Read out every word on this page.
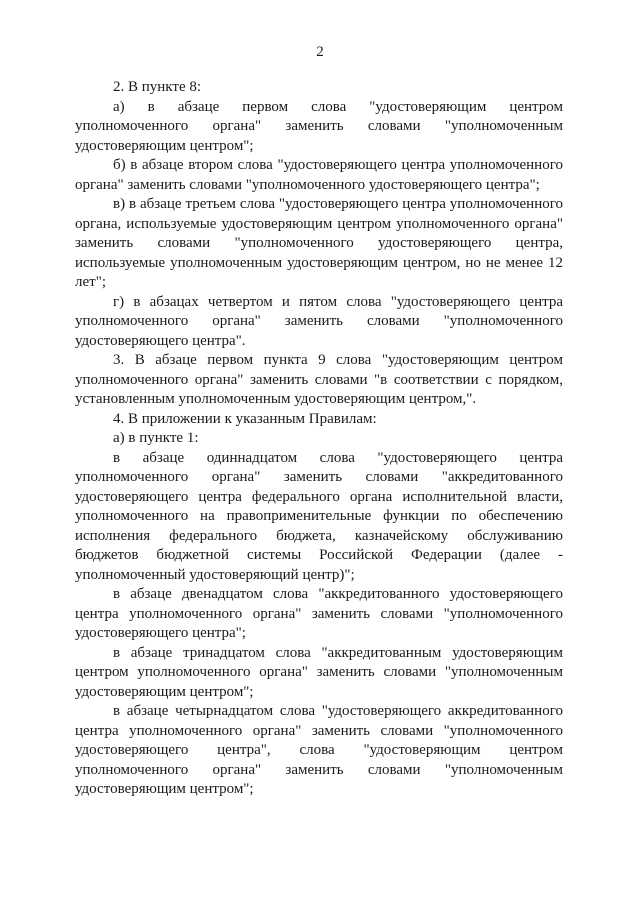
2

2. В пункте 8:

а) в абзаце первом слова "удостоверяющим центром уполномоченного органа" заменить словами "уполномоченным удостоверяющим центром";

б) в абзаце втором слова "удостоверяющего центра уполномоченного органа" заменить словами "уполномоченного удостоверяющего центра";

в) в абзаце третьем слова "удостоверяющего центра уполномоченного органа, используемые удостоверяющим центром уполномоченного органа" заменить словами "уполномоченного удостоверяющего центра, используемые уполномоченным удостоверяющим центром, но не менее 12 лет";

г) в абзацах четвертом и пятом слова "удостоверяющего центра уполномоченного органа" заменить словами "уполномоченного удостоверяющего центра".

3. В абзаце первом пункта 9 слова "удостоверяющим центром уполномоченного органа" заменить словами "в соответствии с порядком, установленным уполномоченным удостоверяющим центром,".

4. В приложении к указанным Правилам:

а) в пункте 1:

в абзаце одиннадцатом слова "удостоверяющего центра уполномоченного органа" заменить словами "аккредитованного удостоверяющего центра федерального органа исполнительной власти, уполномоченного на правоприменительные функции по обеспечению исполнения федерального бюджета, казначейскому обслуживанию бюджетов бюджетной системы Российской Федерации (далее - уполномоченный удостоверяющий центр)";

в абзаце двенадцатом слова "аккредитованного удостоверяющего центра уполномоченного органа" заменить словами "уполномоченного удостоверяющего центра";

в абзаце тринадцатом слова "аккредитованным удостоверяющим центром уполномоченного органа" заменить словами "уполномоченным удостоверяющим центром";

в абзаце четырнадцатом слова "удостоверяющего аккредитованного центра уполномоченного органа" заменить словами "уполномоченного удостоверяющего центра", слова "удостоверяющим центром уполномоченного органа" заменить словами "уполномоченным удостоверяющим центром";
